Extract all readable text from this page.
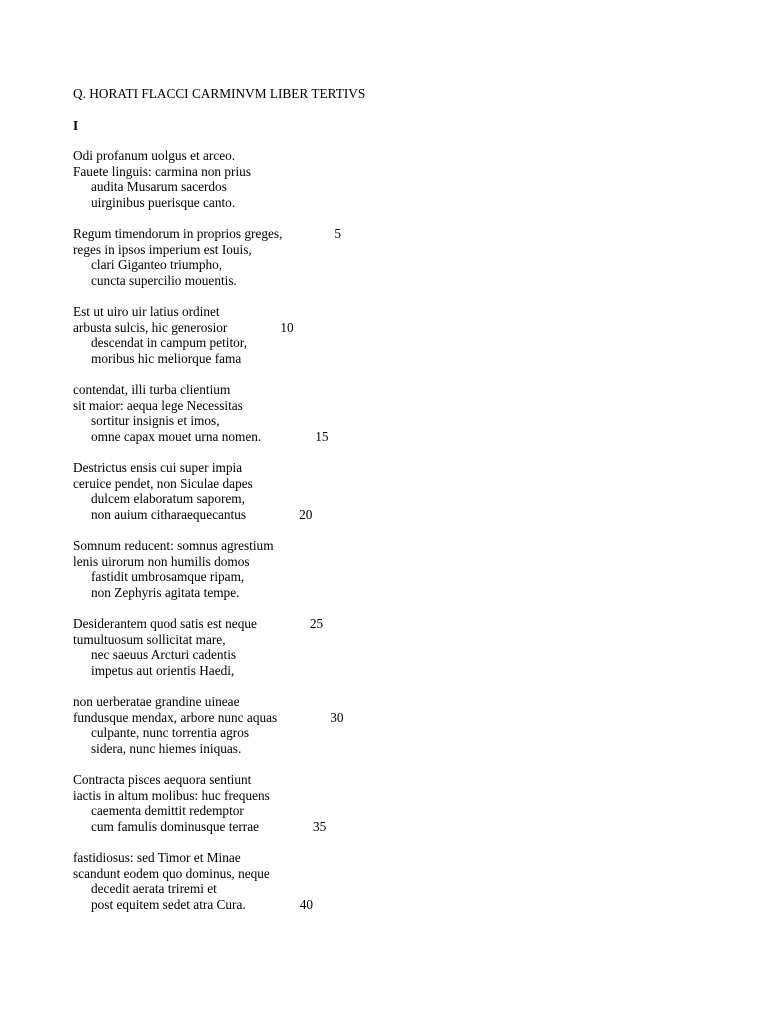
Q. HORATI FLACCI CARMINVM LIBER TERTIVS
I
Odi profanum uolgus et arceo.
Fauete linguis: carmina non prius
audita Musarum sacerdos
uirginibus puerisque canto.
Regum timendorum in proprios greges,	5
reges in ipsos imperium est Iouis,
clari Giganteo triumpho,
cuncta supercilio mouentis.
Est ut uiro uir latius ordinet
arbusta sulcis, hic generosior	10
descendat in campum petitor,
moribus hic meliorque fama
contendat, illi turba clientium
sit maior: aequa lege Necessitas
sortitur insignis et imos,
omne capax mouet urna nomen.	15
Destrictus ensis cui super impia
ceruice pendet, non Siculae dapes
dulcem elaboratum saporem,
non auium citharaequecantus	20
Somnum reducent: somnus agrestium
lenis uirorum non humilis domos
fastidit umbrosamque ripam,
non Zephyris agitata tempe.
Desiderantem quod satis est neque	25
tumultuosum sollicitat mare,
nec saeuus Arcturi cadentis
impetus aut orientis Haedi,
non uerberatae grandine uineae
fundusque mendax, arbore nunc aquas	30
culpante, nunc torrentia agros
sidera, nunc hiemes iniquas.
Contracta pisces aequora sentiunt
iactis in altum molibus: huc frequens
caementa demittit redemptor
cum famulis dominusque terrae	35
fastidiosus: sed Timor et Minae
scandunt eodem quo dominus, neque
decedit aerata triremi et
post equitem sedet atra Cura.	40
